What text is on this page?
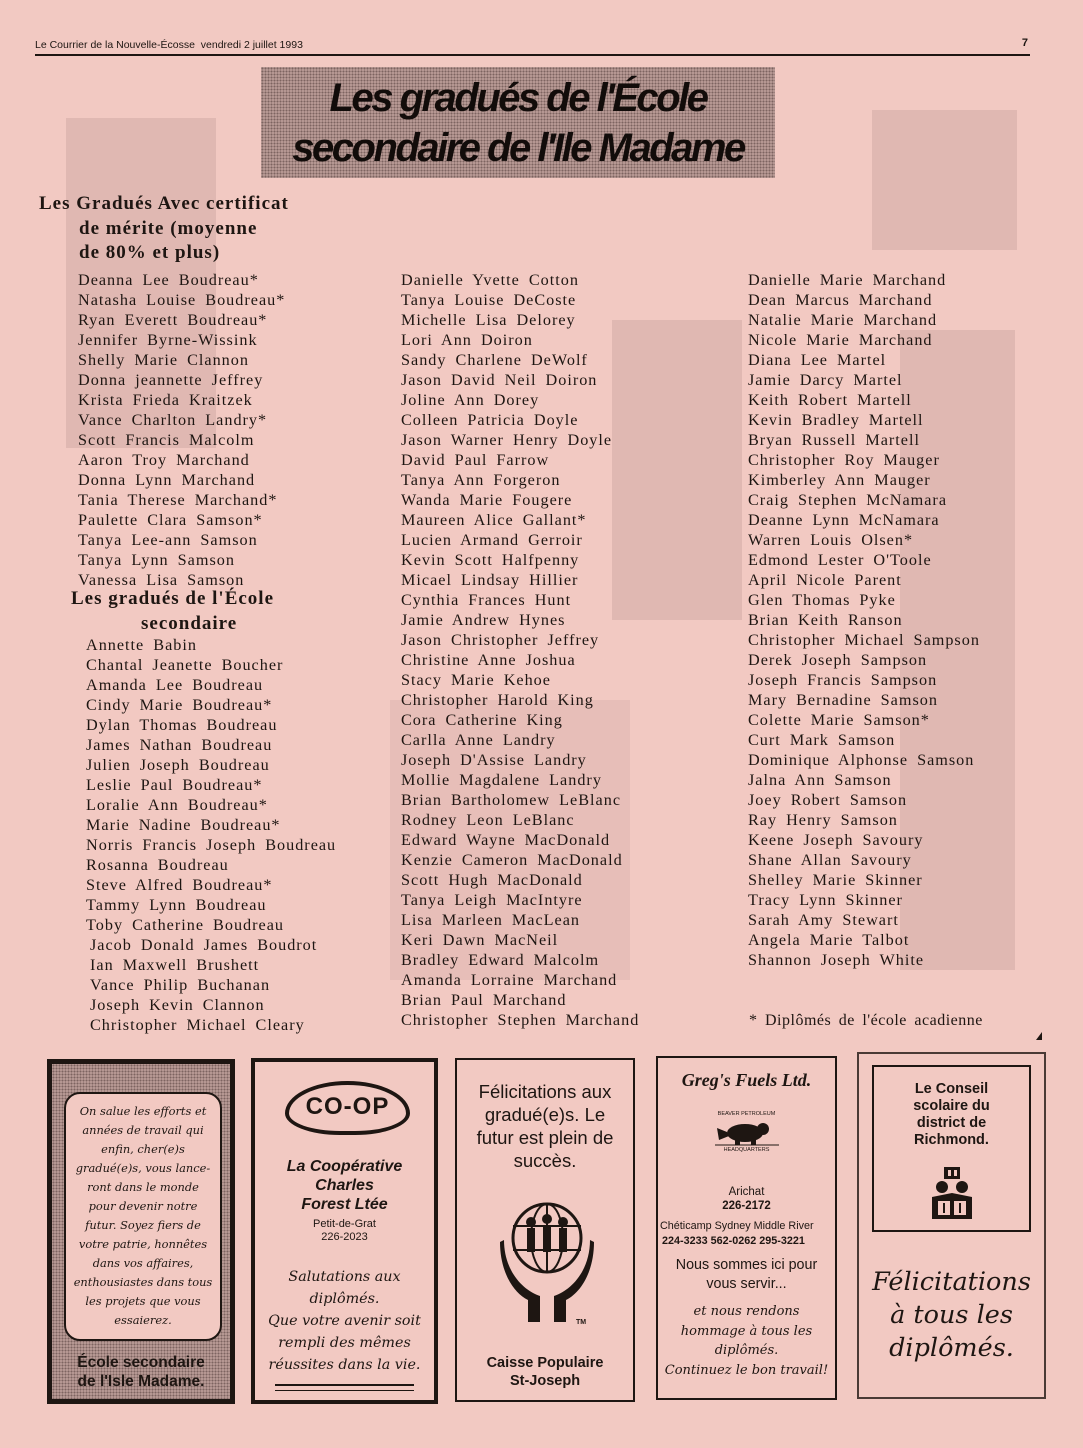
Le Courrier de la Nouvelle-Écosse vendredi 2 juillet 1993	7
Les gradués de l'École
secondaire de l'Ile Madame
Les Gradués Avec certificat
de mérite (moyenne
de 80% et plus)
Deanna Lee Boudreau*
Natasha Louise Boudreau*
Ryan Everett Boudreau*
Jennifer Byrne-Wissink
Shelly Marie Clannon
Donna jeannette Jeffrey
Krista Frieda Kraitzek
Vance Charlton Landry*
Scott Francis Malcolm
Aaron Troy Marchand
Donna Lynn Marchand
Tania Therese Marchand*
Paulette Clara Samson*
Tanya Lee-ann Samson
Tanya Lynn Samson
Vanessa Lisa Samson
Les gradués de l'École
secondaire
Annette Babin
Chantal Jeanette Boucher
Amanda Lee Boudreau
Cindy Marie Boudreau*
Dylan Thomas Boudreau
James Nathan Boudreau
Julien Joseph Boudreau
Leslie Paul Boudreau*
Loralie Ann Boudreau*
Marie Nadine Boudreau*
Norris Francis Joseph Boudreau
Rosanna Boudreau
Steve Alfred Boudreau*
Tammy Lynn Boudreau
Toby Catherine Boudreau
Jacob Donald James Boudrot
Ian Maxwell Brushett
Vance Philip Buchanan
Joseph Kevin Clannon
Christopher Michael Cleary
Danielle Yvette Cotton
Tanya Louise DeCoste
Michelle Lisa Delorey
Lori Ann Doiron
Sandy Charlene DeWolf
Jason David Neil Doiron
Joline Ann Dorey
Colleen Patricia Doyle
Jason Warner Henry Doyle
David Paul Farrow
Tanya Ann Forgeron
Wanda Marie Fougere
Maureen Alice Gallant*
Lucien Armand Gerroir
Kevin Scott Halfpenny
Micael Lindsay Hillier
Cynthia Frances Hunt
Jamie Andrew Hynes
Jason Christopher Jeffrey
Christine Anne Joshua
Stacy Marie Kehoe
Christopher Harold King
Cora Catherine King
Carlla Anne Landry
Joseph D'Assise Landry
Mollie Magdalene Landry
Brian Bartholomew LeBlanc
Rodney Leon LeBlanc
Edward Wayne MacDonald
Kenzie Cameron MacDonald
Scott Hugh MacDonald
Tanya Leigh MacIntyre
Lisa Marleen MacLean
Keri Dawn MacNeil
Bradley Edward Malcolm
Amanda Lorraine Marchand
Brian Paul Marchand
Christopher Stephen Marchand
Danielle Marie Marchand
Dean Marcus Marchand
Natalie Marie Marchand
Nicole Marie Marchand
Diana Lee Martel
Jamie Darcy Martel
Keith Robert Martell
Kevin Bradley Martell
Bryan Russell Martell
Christopher Roy Mauger
Kimberley Ann Mauger
Craig Stephen McNamara
Deanne Lynn McNamara
Warren Louis Olsen*
Edmond Lester O'Toole
April Nicole Parent
Glen Thomas Pyke
Brian Keith Ranson
Christopher Michael Sampson
Derek Joseph Sampson
Joseph Francis Sampson
Mary Bernadine Samson
Colette Marie Samson*
Curt Mark Samson
Dominique Alphonse Samson
Jalna Ann Samson
Joey Robert Samson
Ray Henry Samson
Keene Joseph Savoury
Shane Allan Savoury
Shelley Marie Skinner
Tracy Lynn Skinner
Sarah Amy Stewart
Angela Marie Talbot
Shannon Joseph White
* Diplômés de l'école acadienne
On salue les efforts et
années de travail qui
enfin, cher(e)s
gradué(e)s, vous lance-
ront dans le monde
pour devenir notre
futur. Soyez fiers de
votre patrie, honnêtes
dans vos affaires,
enthousiastes dans tous
les projets que vous
essaierez.
École secondaire
de l'Isle Madame.
CO-OP
La Coopérative
Charles
Forest Ltée
Petit-de-Grat
226-2023
Salutations aux
diplômés.
Que votre avenir soit
rempli des mêmes
réussites dans la vie.
Félicitations aux
gradué(e)s. Le
futur est plein de
succès.
TM
Caisse Populaire
St-Joseph
Greg's Fuels Ltd.
BEAVER PETROLEUM
HEADQUARTERS
Arichat
226-2172
Chéticamp Sydney Middle River
224-3233 562-0262 295-3221
Nous sommes ici pour
vous servir...
et nous rendons
hommage à tous les
diplômés.
Continuez le bon travail!
Le Conseil
scolaire du
district de
Richmond.
Félicitations
à tous les
diplômés.
